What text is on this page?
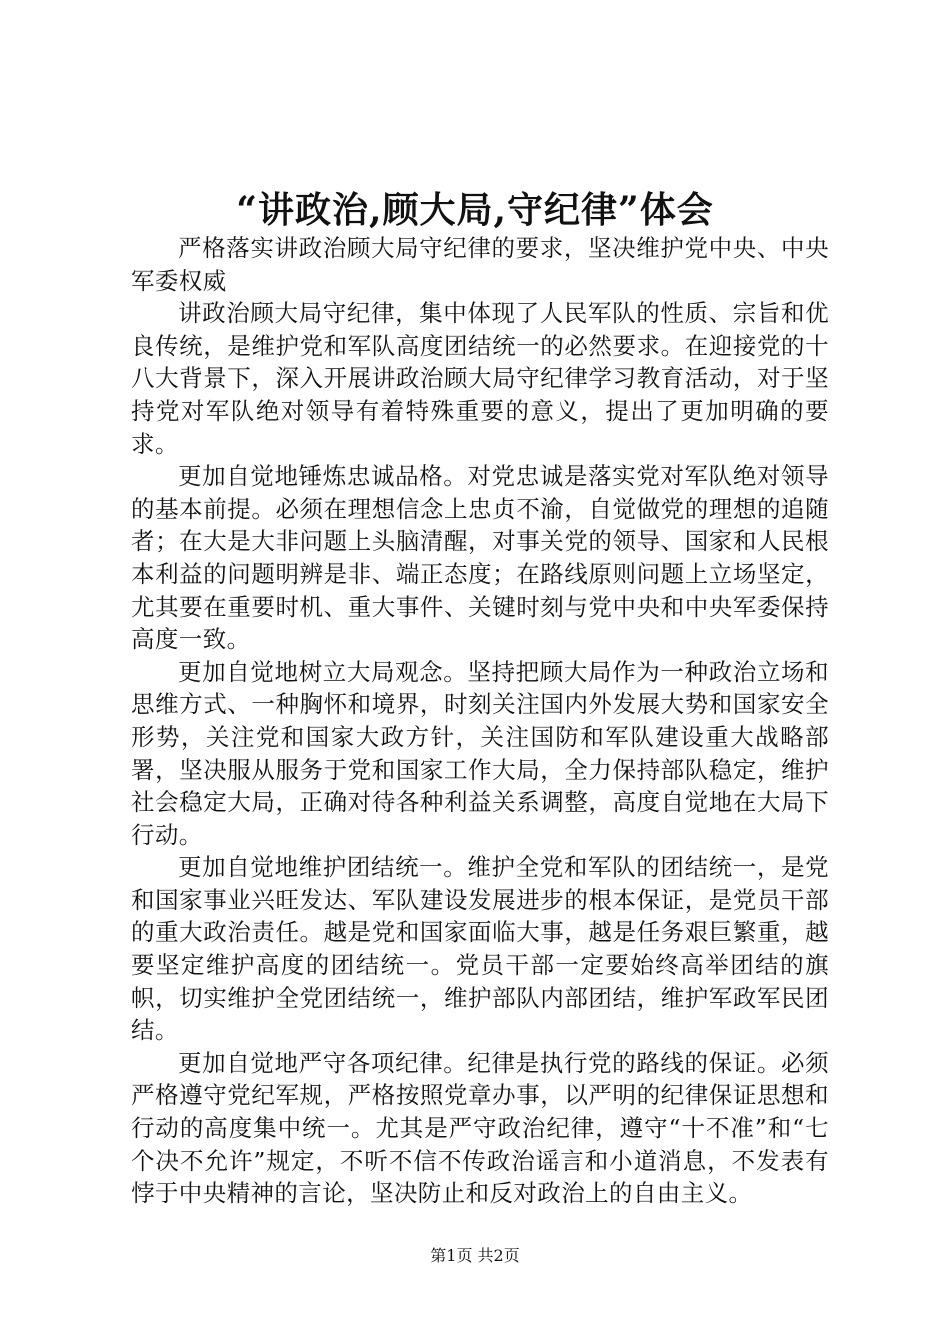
“讲政治,顾大局,守纪律”体会

严格落实讲政治顾大局守纪律的要求，坚决维护党中央、中央军委权威

讲政治顾大局守纪律，集中体现了人民军队的性质、宗旨和优良传统，是维护党和军队高度团结统一的必然要求。在迎接党的十八大背景下，深入开展讲政治顾大局守纪律学习教育活动，对于坚持党对军队绝对领导有着特殊重要的意义，提出了更加明确的要求。

更加自觉地锤炼忠诚品格。对党忠诚是落实党对军队绝对领导的基本前提。必须在理想信念上忠贞不渝，自觉做党的理想的追随者；在大是大非问题上头脑清醒，对事关党的领导、国家和人民根本利益的问题明辨是非、端正态度；在路线原则问题上立场坚定，尤其要在重要时机、重大事件、关键时刻与党中央和中央军委保持高度一致。

更加自觉地树立大局观念。坚持把顾大局作为一种政治立场和思维方式、一种胸怀和境界，时刻关注国内外发展大势和国家安全形势，关注党和国家大政方针，关注国防和军队建设重大战略部署，坚决服从服务于党和国家工作大局，全力保持部队稳定，维护社会稳定大局，正确对待各种利益关系调整，高度自觉地在大局下行动。

更加自觉地维护团结统一。维护全党和军队的团结统一，是党和国家事业兴旺发达、军队建设发展进步的根本保证，是党员干部的重大政治责任。越是党和国家面临大事，越是任务艰巨繁重，越要坚定维护高度的团结统一。党员干部一定要始终高举团结的旗帜，切实维护全党团结统一，维护部队内部团结，维护军政军民团结。

更加自觉地严守各项纪律。纪律是执行党的路线的保证。必须严格遵守党纪军规，严格按照党章办事，以严明的纪律保证思想和行动的高度集中统一。尤其是严守政治纪律，遵守“十不准”和“七个决不允许”规定，不听不信不传政治谣言和小道消息，不发表有悖于中央精神的言论，坚决防止和反对政治上的自由主义。

第1页 共2页
